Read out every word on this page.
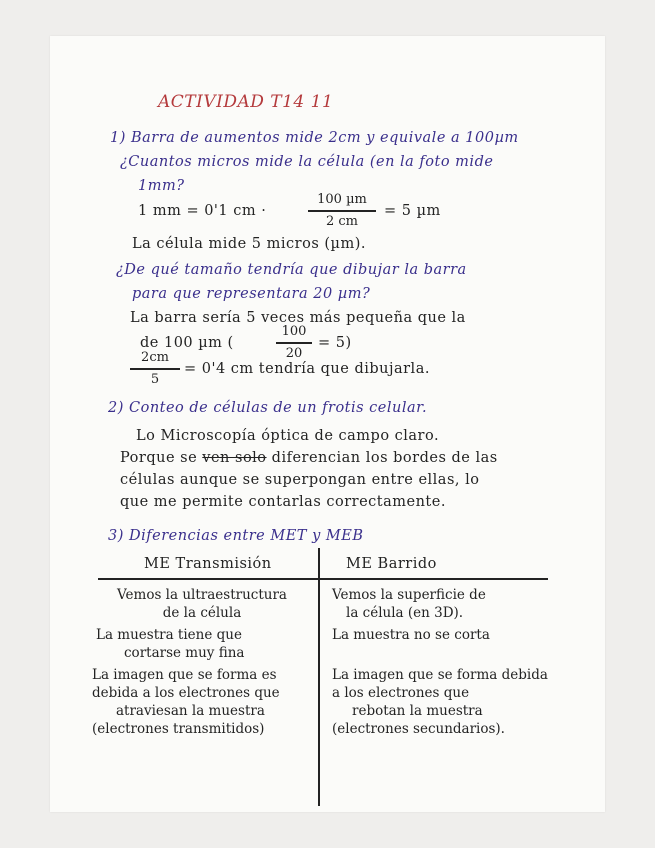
ACTIVIDAD T14 11
1) Barra de aumentos mide 2cm y equivale a 100µm
¿Cuantos micros mide la célula (en la foto mide
1mm?
1 mm = 0'1 cm ·
100 µm
2 cm
= 5 µm
La célula mide 5 micros (µm).
¿De qué tamaño tendría que dibujar la barra
para que representara 20 µm?
La barra sería 5 veces más pequeña que la
de 100 µm (
100
20
= 5)
2cm
5
= 0'4 cm tendría que dibujarla.
2) Conteo de células de un frotis celular.
Lo Microscopía óptica de campo claro.
Porque se ven solo diferencian los bordes de las
células aunque se superpongan entre ellas, lo
que me permite contarlas correctamente.
3) Diferencias entre MET y MEB
ME Transmisión	ME Barrido
Vemos la ultraestructura
de la célula
Vemos la superficie de
la célula (en 3D).
La muestra tiene que
cortarse muy fina
La muestra no se corta
La imagen que se forma es
debida a los electrones que
atraviesan la muestra
(electrones transmitidos)
La imagen que se forma debida
a los electrones que
rebotan la muestra
(electrones secundarios).
